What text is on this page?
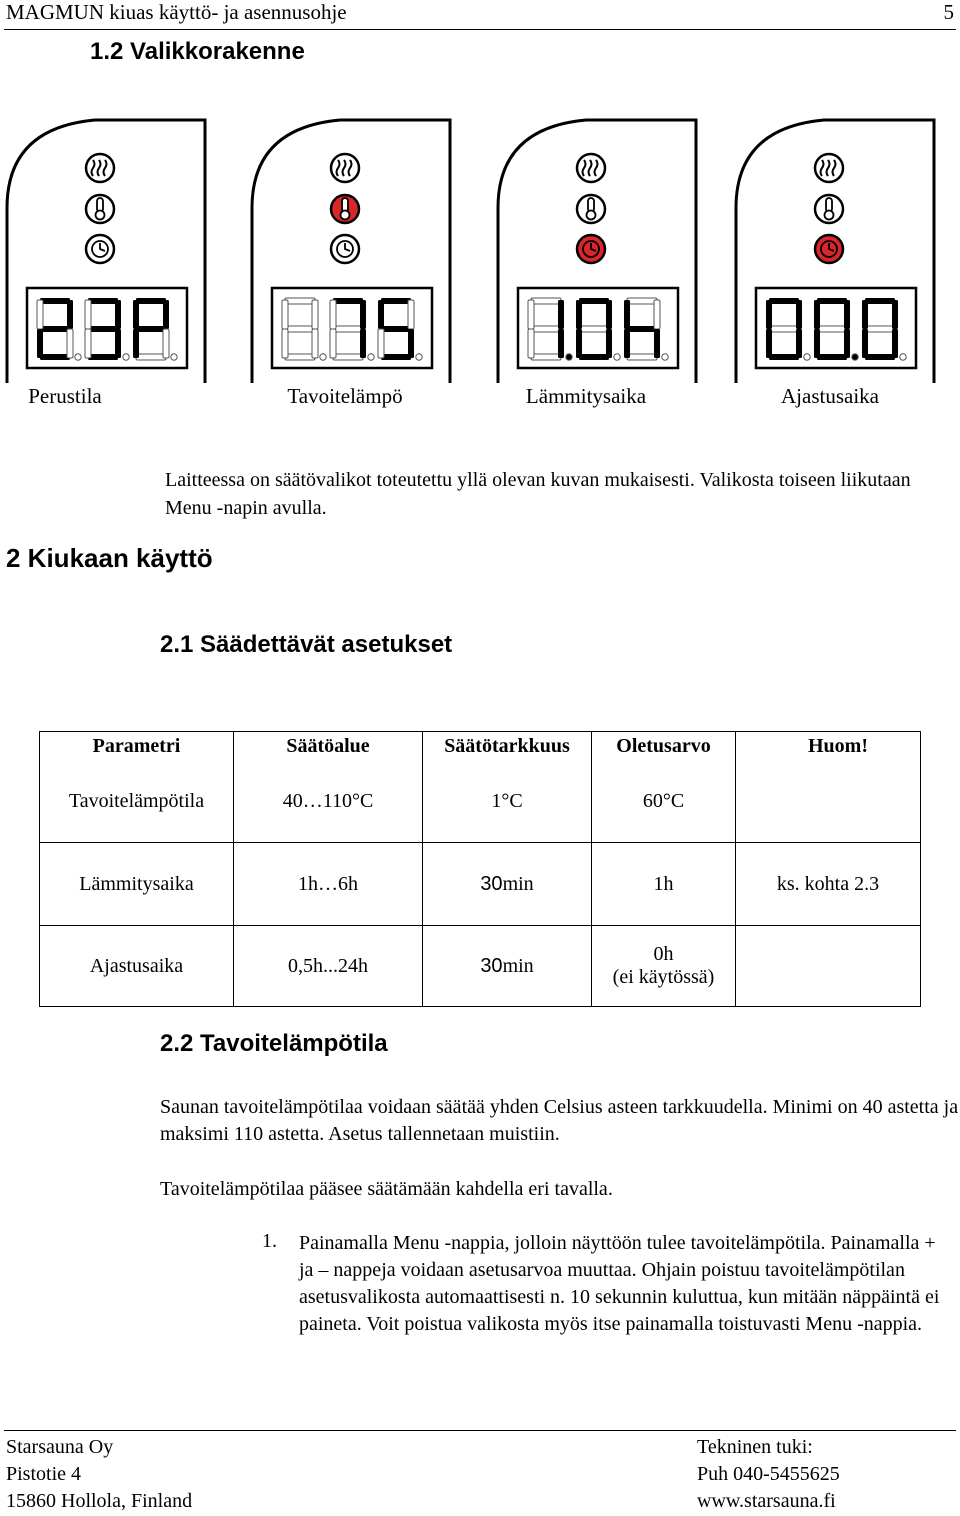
MAGMUN kiuas käyttö- ja asennusohje	5
1.2 Valikkorakenne
Perustila	Tavoitelämpö	Lämmitysaika	Ajastusaika
Laitteessa on säätövalikot toteutettu yllä olevan kuvan mukaisesti. Valikosta toiseen liikutaan Menu -napin avulla.
2 Kiukaan käyttö
2.1 Säädettävät asetukset
Parametri	Säätöalue	Säätötarkkuus	Oletusarvo	Huom!
Tavoitelämpötila	40…110°C	1°C	60°C	
Lämmitysaika	1h…6h	30min	1h	ks. kohta 2.3
Ajastusaika	0,5h...24h	30min	0h
(ei käytössä)	

2.2 Tavoitelämpötila
Saunan tavoitelämpötilaa voidaan säätää yhden Celsius asteen tarkkuudella. Minimi on 40 astetta ja maksimi 110 astetta. Asetus tallennetaan muistiin.
Tavoitelämpötilaa pääsee säätämään kahdella eri tavalla.
1. Painamalla Menu -nappia, jolloin näyttöön tulee tavoitelämpötila. Painamalla + ja – nappeja voidaan asetusarvoa muuttaa. Ohjain poistuu tavoitelämpötilan asetusvalikosta automaattisesti n. 10 sekunnin kuluttua, kun mitään näppäintä ei paineta. Voit poistua valikosta myös itse painamalla toistuvasti Menu -nappia.
Starsauna Oy
Pistotie 4
15860 Hollola, Finland
Tekninen tuki:
Puh 040-5455625
www.starsauna.fi
